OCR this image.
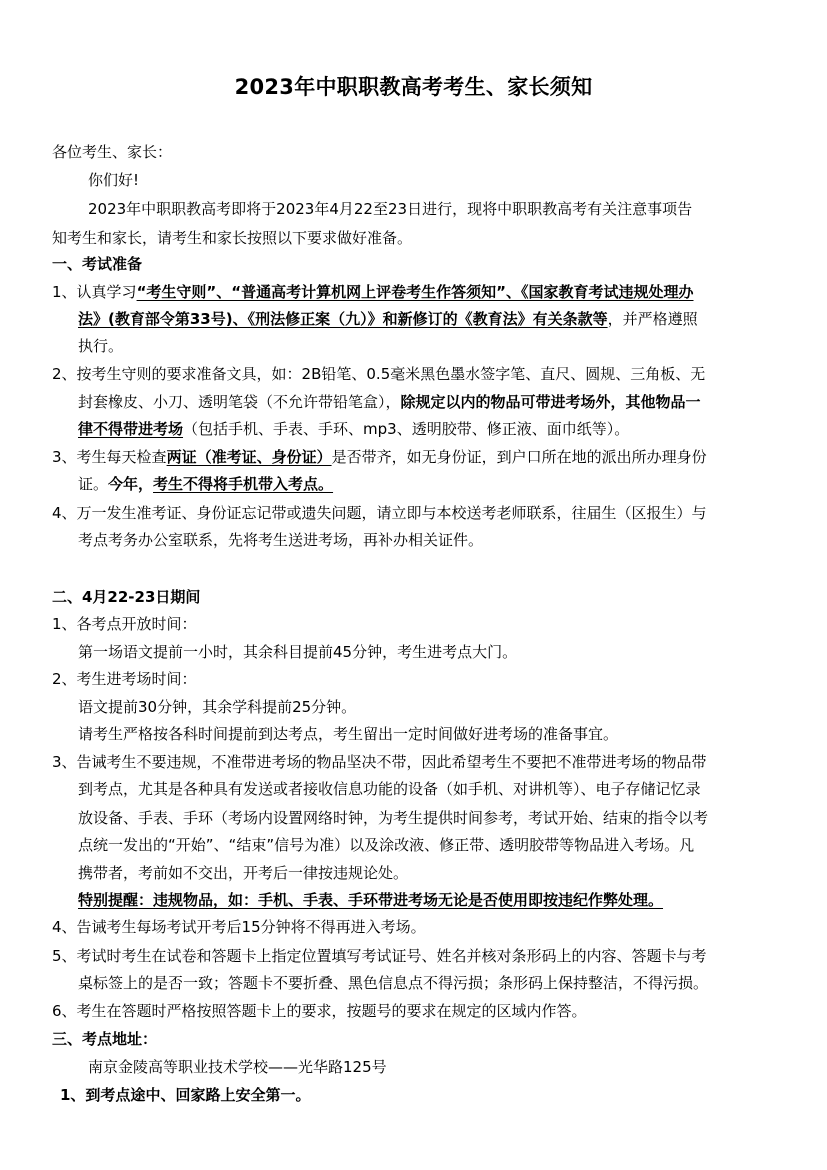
2023年中职职教高考考生、家长须知
各位考生、家长：
你们好!
2023年中职职教高考即将于2023年4月22至23日进行，现将中职职教高考有关注意事项告
知考生和家长，请考生和家长按照以下要求做好准备。
一、考试准备
1、认真学习“考生守则”、“普通高考计算机网上评卷考生作答须知”、《国家教育考试违规处理办
法》(教育部令第33号)、《刑法修正案（九）》和新修订的《教育法》有关条款等，并严格遵照
执行。
2、按考生守则的要求准备文具，如：2B铅笔、0.5毫米黑色墨水签字笔、直尺、圆规、三角板、无
封套橡皮、小刀、透明笔袋（不允许带铅笔盒），除规定以内的物品可带进考场外，其他物品一
律不得带进考场（包括手机、手表、手环、mp3、透明胶带、修正液、面巾纸等）。
3、考生每天检查两证（准考证、身份证）是否带齐，如无身份证，到户口所在地的派出所办理身份
证。今年，考生不得将手机带入考点。
4、万一发生准考证、身份证忘记带或遗失问题，请立即与本校送考老师联系，往届生（区报生）与
考点考务办公室联系，先将考生送进考场，再补办相关证件。
二、4月22-23日期间
1、各考点开放时间：
第一场语文提前一小时，其余科目提前45分钟，考生进考点大门。
2、考生进考场时间：
语文提前30分钟，其余学科提前25分钟。
请考生严格按各科时间提前到达考点，考生留出一定时间做好进考场的准备事宜。
3、告诫考生不要违规，不准带进考场的物品坚决不带，因此希望考生不要把不准带进考场的物品带
到考点，尤其是各种具有发送或者接收信息功能的设备（如手机、对讲机等）、电子存储记忆录
放设备、手表、手环（考场内设置网络时钟，为考生提供时间参考，考试开始、结束的指令以考
点统一发出的“开始”、“结束”信号为准）以及涂改液、修正带、透明胶带等物品进入考场。凡
携带者，考前如不交出，开考后一律按违规论处。
特别提醒：违规物品，如：手机、手表、手环带进考场无论是否使用即按违纪作弊处理。
4、告诫考生每场考试开考后15分钟将不得再进入考场。
5、考试时考生在试卷和答题卡上指定位置填写考试证号、姓名并核对条形码上的内容、答题卡与考
桌标签上的是否一致；答题卡不要折叠、黑色信息点不得污损；条形码上保持整洁，不得污损。
6、考生在答题时严格按照答题卡上的要求，按题号的要求在规定的区域内作答。
三、考点地址：
南京金陵高等职业技术学校——光华路125号
1、到考点途中、回家路上安全第一。
